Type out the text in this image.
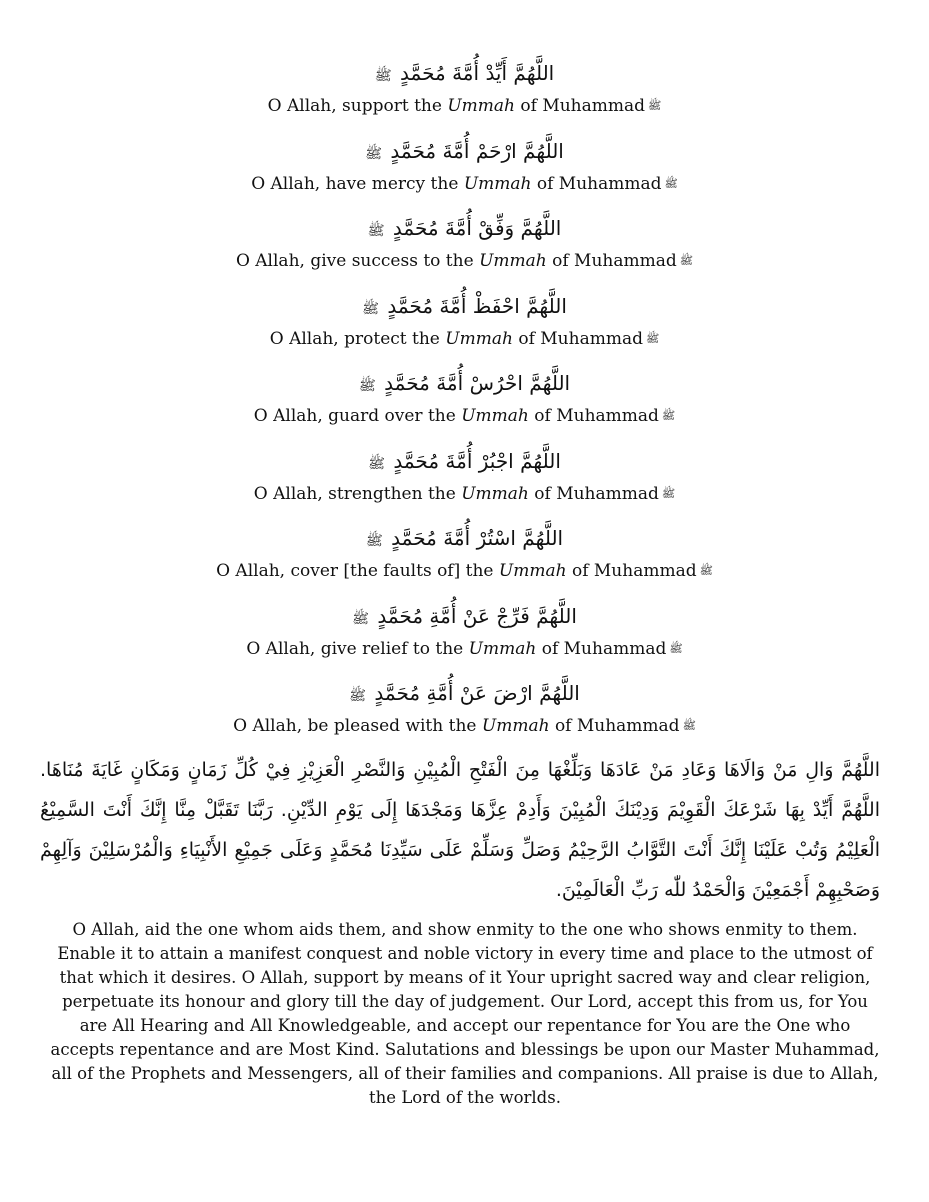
اللَّهُمَّ أَيِّدْ أُمَّةَ مُحَمَّدٍ ﷺ
O Allah, support the Ummah of Muhammad ﷺ
اللَّهُمَّ ارْحَمْ أُمَّةَ مُحَمَّدٍ ﷺ
O Allah, have mercy the Ummah of Muhammad ﷺ
اللَّهُمَّ وَفِّقْ أُمَّةَ مُحَمَّدٍ ﷺ
O Allah, give success to the Ummah of Muhammad ﷺ
اللَّهُمَّ احْفَظْ أُمَّةَ مُحَمَّدٍ ﷺ
O Allah, protect the Ummah of Muhammad ﷺ
اللَّهُمَّ احْرُسْ أُمَّةَ مُحَمَّدٍ ﷺ
O Allah, guard over the Ummah of Muhammad ﷺ
اللَّهُمَّ اجْبُرْ أُمَّةَ مُحَمَّدٍ ﷺ
O Allah, strengthen the Ummah of Muhammad ﷺ
اللَّهُمَّ اسْتُرْ أُمَّةَ مُحَمَّدٍ ﷺ
O Allah, cover [the faults of] the Ummah of Muhammad ﷺ
اللَّهُمَّ فَرِّجْ عَنْ أُمَّةِ مُحَمَّدٍ ﷺ
O Allah, give relief to the Ummah of Muhammad ﷺ
اللَّهُمَّ ارْضَ عَنْ أُمَّةِ مُحَمَّدٍ ﷺ
O Allah, be pleased with the Ummah of Muhammad ﷺ
اللَّهُمَّ وَالِ مَنْ وَالَاهَا وَعَادِ مَنْ عَادَهَا وَبَلِّغْهَا مِنَ الْفَتْحِ الْمُبِيْنِ وَالنَّصْرِ الْعَزِيْزِ فِيْ كُلِّ زَمَانٍ وَمَكَانٍ غَايَةَ مُنَاهَا. اللَّهُمَّ أَيِّدْ بِهَا شَرْعَكَ الْقَوِيْمَ وَدِيْنَكَ الْمُبِيْنَ وَأَدِمْ عِزَّهَا وَمَجْدَهَا إِلَى يَوْمِ الدِّيْنِ. رَبَّنَا تَقَبَّلْ مِنَّا إِنَّكَ أَنْتَ السَّمِيْعُ الْعَلِيْمُ وَتُبْ عَلَيْنَا إِنَّكَ أَنْتَ التَّوَّابُ الرَّحِيْمُ وَصَلِّ وَسَلِّمْ عَلَى سَيِّدِنَا مُحَمَّدٍ وَعَلَى جَمِيْعِ الأَنْبِيَاءِ وَالْمُرْسَلِيْنَ وَآلِهِمْ وَصَحْبِهِمْ أَجْمَعِيْنَ وَالْحَمْدُ للّٰه رَبِّ الْعَالَمِيْنَ.
O Allah, aid the one whom aids them, and show enmity to the one who shows enmity to them. Enable it to attain a manifest conquest and noble victory in every time and place to the utmost of that which it desires. O Allah, support by means of it Your upright sacred way and clear religion, perpetuate its honour and glory till the day of judgement. Our Lord, accept this from us, for You are All Hearing and All Knowledgeable, and accept our repentance for You are the One who accepts repentance and are Most Kind. Salutations and blessings be upon our Master Muhammad, all of the Prophets and Messengers, all of their families and companions. All praise is due to Allah, the Lord of the worlds.
